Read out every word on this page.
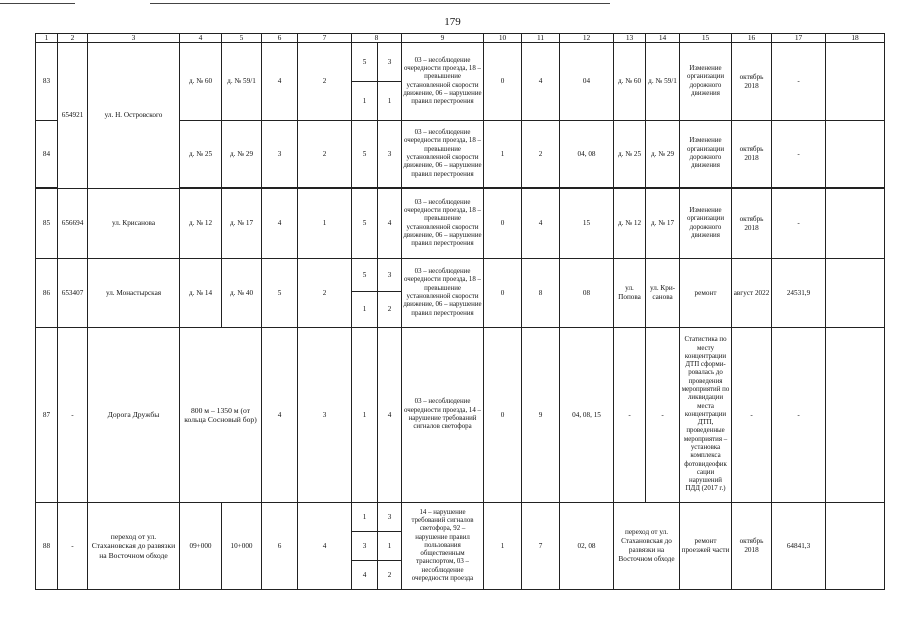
179
1	2	3	4	5	6	7	8		9	10	11	12	13	14	15	16	17	18
83	654921	ул. Н. Островского	д. № 60	д. № 59/1	4	2	5	3	03 – несоблюдение очередности проезда, 18 – превышение установленной скорости движение, 06 – нарушение правил перестроения	0	4	04	д. № 60	д. № 59/1	Изменение организации дорожного движения	октябрь 2018	-	
							1	1										
84			д. № 25	д. № 29	3	2	5	3	03 – несоблюдение очередности проезда, 18 – превышение установленной скорости движение, 06 – нарушение правил перестроения	1	2	04, 08	д. № 25	д. № 29	Изменение организации дорожного движения	октябрь 2018	-	

85	656694	ул. Крисанова	д. № 12	д. № 17	4	1	5	4	03 – несоблюдение очередности проезда, 18 – превышение установленной скорости движение, 06 – нарушение правил перестроения	0	4	15	д. № 12	д. № 17	Изменение организации дорожного движения	октябрь 2018	-	
86	653407	ул. Монастырская	д. № 14	д. № 40	5	2	5	3	03 – несоблюдение очередности проезда, 18 – превышение установленной скорости движение, 06 – нарушение правил перестроения	0	8	08	ул. Попова	ул. Кри-санова	ремонт	август 2022	24531,9	
							1	2										
87	-	Дорога Дружбы	800 м – 1350 м (от кольца Сосновый бор)		4	3	1	4	03 – несоблюдение очередности проезда, 14 – нарушение требований сигналов светофора	0	9	04, 08, 15	-	-	Статистика по месту концентрации ДТП сформи-ровалась до проведения мероприятий по ликвидации места концентрации ДТП, проведенные мероприятия – установка комплекса фотовидеофик сации нарушений ПДД (2017 г.)	-	-	
88	-	переход от ул. Стахановская до развязки на Восточном обходе	09+000	10+000	6	4	1	3	14 – нарушение требований сигналов светофора, 92 – нарушение правил пользования общественным транспортом, 03 – несоблюдение очередности проезда	1	7	02, 08	переход от ул. Стахановская до развязки на Восточном обходе		ремонт проезжей части	октябрь 2018	64841,3	
							3	1										
							4	2										
